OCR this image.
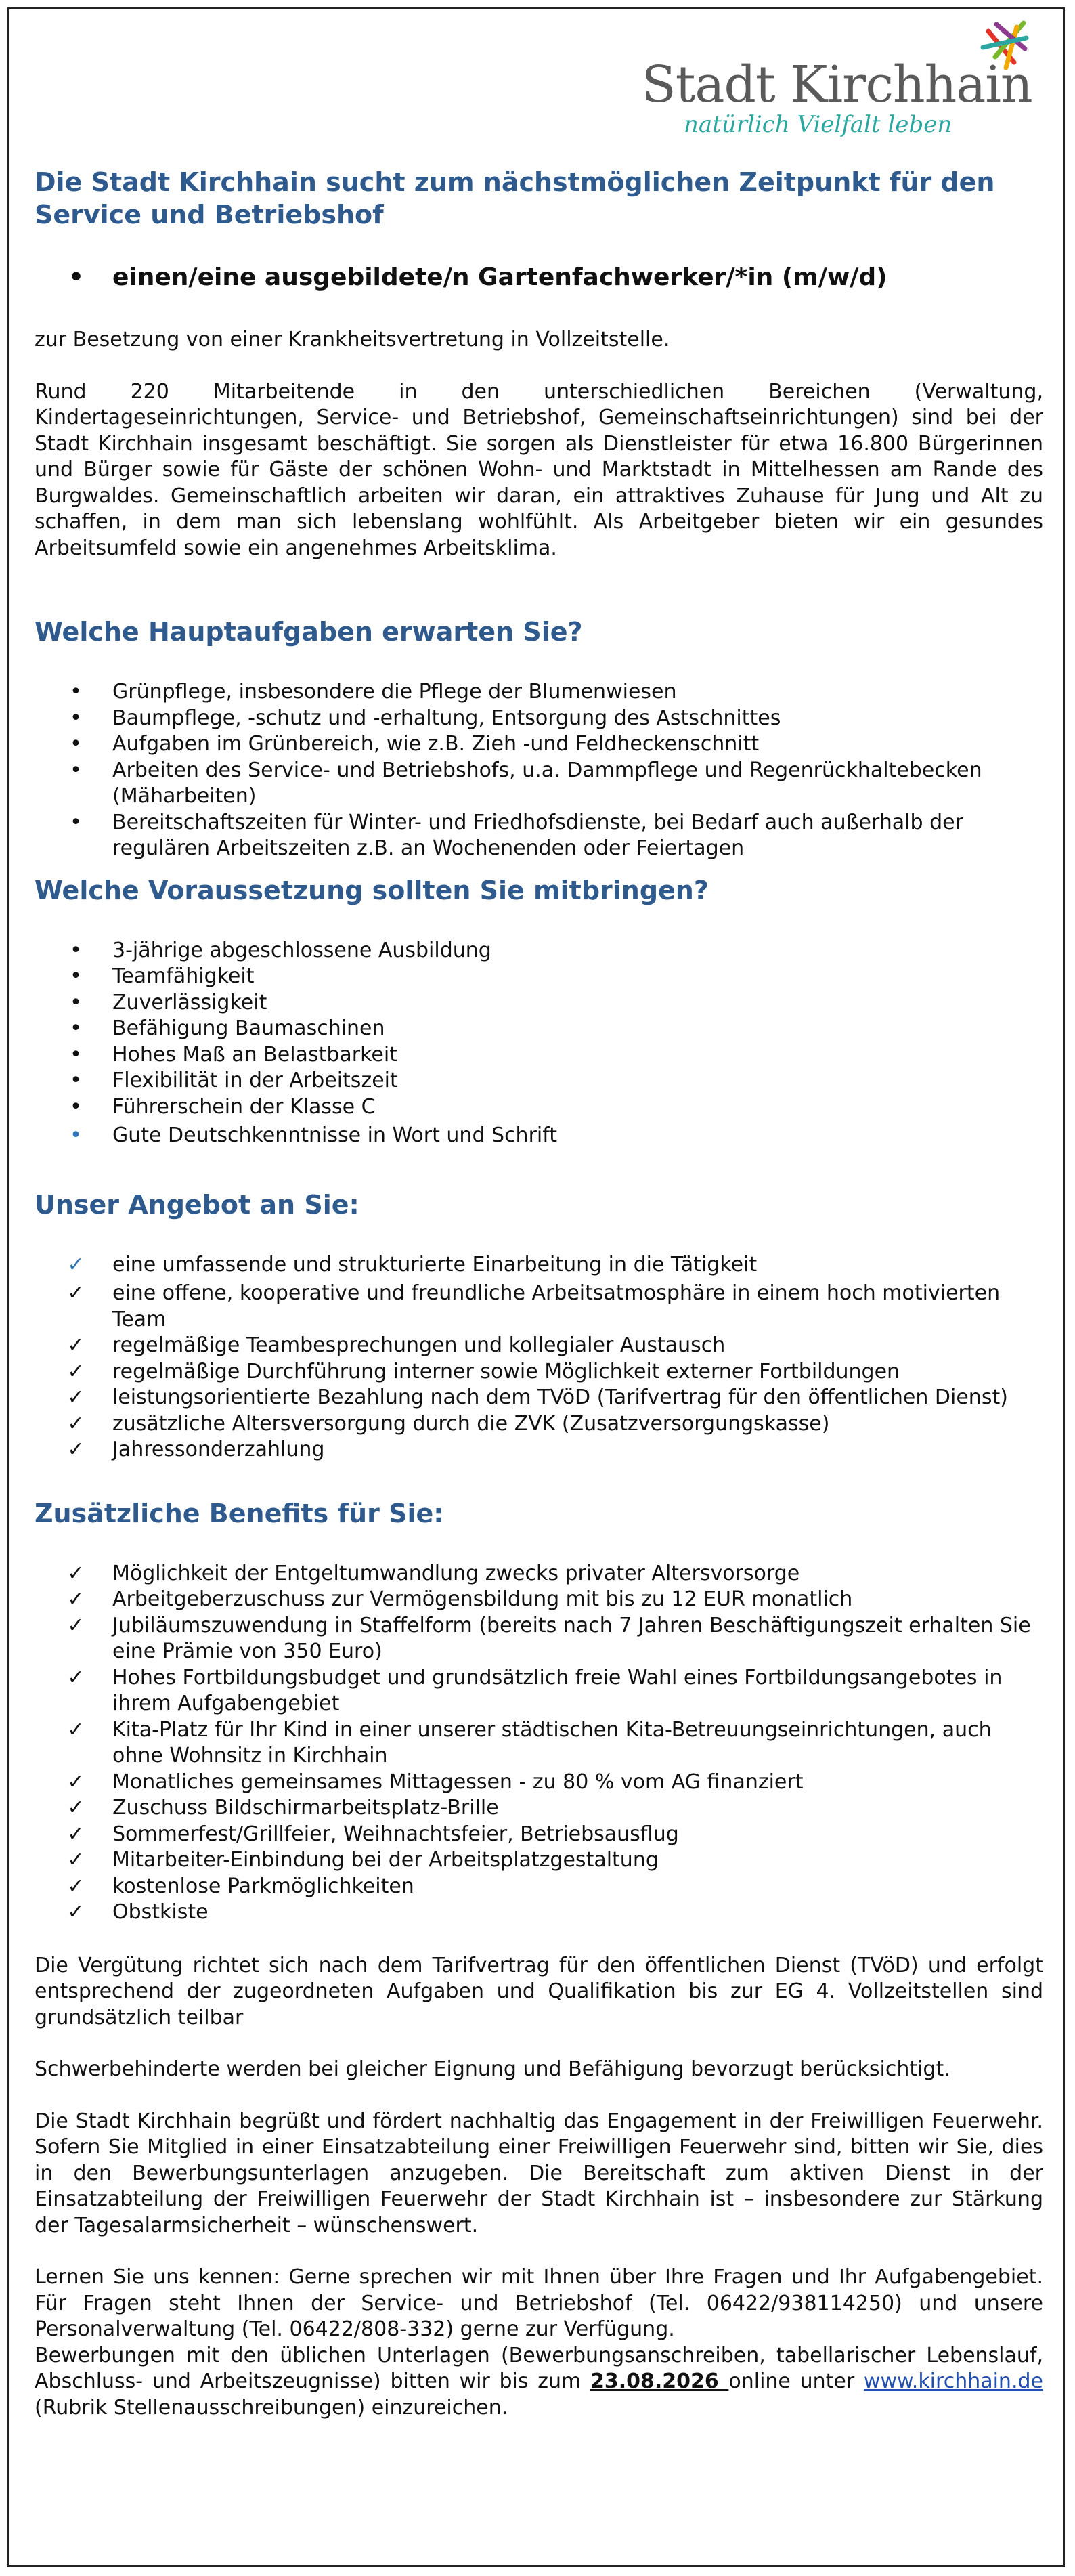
Stadt Kirchhain
natürlich Vielfalt leben
Die Stadt Kirchhain sucht zum nächstmöglichen Zeitpunkt für den Service und Betriebshof
• einen/eine ausgebildete/n Gartenfachwerker/*in (m/w/d)

zur Besetzung von einer Krankheitsvertretung in Vollzeitstelle.

Rund 220 Mitarbeitende in den unterschiedlichen Bereichen (Verwaltung, Kindertageseinrichtungen, Service- und Betriebshof, Gemeinschaftseinrichtungen) sind bei der Stadt Kirchhain insgesamt beschäftigt. Sie sorgen als Dienstleister für etwa 16.800 Bürgerinnen und Bürger sowie für Gäste der schönen Wohn- und Marktstadt in Mittelhessen am Rande des Burgwaldes. Gemeinschaftlich arbeiten wir daran, ein attraktives Zuhause für Jung und Alt zu schaffen, in dem man sich lebenslang wohlfühlt. Als Arbeitgeber bieten wir ein gesundes Arbeitsumfeld sowie ein angenehmes Arbeitsklima.

Welche Hauptaufgaben erwarten Sie?
• Grünpflege, insbesondere die Pflege der Blumenwiesen
• Baumpflege, -schutz und -erhaltung, Entsorgung des Astschnittes
• Aufgaben im Grünbereich, wie z.B. Zieh -und Feldheckenschnitt
• Arbeiten des Service- und Betriebshofs, u.a. Dammpflege und Regenrückhaltebecken (Mäharbeiten)
• Bereitschaftszeiten für Winter- und Friedhofsdienste, bei Bedarf auch außerhalb der regulären Arbeitszeiten z.B. an Wochenenden oder Feiertagen
Welche Voraussetzung sollten Sie mitbringen?
• 3-jährige abgeschlossene Ausbildung
• Teamfähigkeit
• Zuverlässigkeit
• Befähigung Baumaschinen
• Hohes Maß an Belastbarkeit
• Flexibilität in der Arbeitszeit
• Führerschein der Klasse C
• Gute Deutschkenntnisse in Wort und Schrift
Unser Angebot an Sie:
✓ eine umfassende und strukturierte Einarbeitung in die Tätigkeit
✓ eine offene, kooperative und freundliche Arbeitsatmosphäre in einem hoch motivierten Team
✓ regelmäßige Teambesprechungen und kollegialer Austausch
✓ regelmäßige Durchführung interner sowie Möglichkeit externer Fortbildungen
✓ leistungsorientierte Bezahlung nach dem TVöD (Tarifvertrag für den öffentlichen Dienst)
✓ zusätzliche Altersversorgung durch die ZVK (Zusatzversorgungskasse)
✓ Jahressonderzahlung
Zusätzliche Benefits für Sie:
✓ Möglichkeit der Entgeltumwandlung zwecks privater Altersvorsorge
✓ Arbeitgeberzuschuss zur Vermögensbildung mit bis zu 12 EUR monatlich
✓ Jubiläumszuwendung in Staffelform (bereits nach 7 Jahren Beschäftigungszeit erhalten Sie eine Prämie von 350 Euro)
✓ Hohes Fortbildungsbudget und grundsätzlich freie Wahl eines Fortbildungsangebotes in ihrem Aufgabengebiet
✓ Kita-Platz für Ihr Kind in einer unserer städtischen Kita-Betreuungseinrichtungen, auch ohne Wohnsitz in Kirchhain
✓ Monatliches gemeinsames Mittagessen - zu 80 % vom AG finanziert
✓ Zuschuss Bildschirmarbeitsplatz-Brille
✓ Sommerfest/Grillfeier, Weihnachtsfeier, Betriebsausflug
✓ Mitarbeiter-Einbindung bei der Arbeitsplatzgestaltung
✓ kostenlose Parkmöglichkeiten
✓ Obstkiste

Die Vergütung richtet sich nach dem Tarifvertrag für den öffentlichen Dienst (TVöD) und erfolgt entsprechend der zugeordneten Aufgaben und Qualifikation bis zur EG 4. Vollzeitstellen sind grundsätzlich teilbar

Schwerbehinderte werden bei gleicher Eignung und Befähigung bevorzugt berücksichtigt.

Die Stadt Kirchhain begrüßt und fördert nachhaltig das Engagement in der Freiwilligen Feuerwehr. Sofern Sie Mitglied in einer Einsatzabteilung einer Freiwilligen Feuerwehr sind, bitten wir Sie, dies in den Bewerbungsunterlagen anzugeben. Die Bereitschaft zum aktiven Dienst in der Einsatzabteilung der Freiwilligen Feuerwehr der Stadt Kirchhain ist – insbesondere zur Stärkung der Tagesalarmsicherheit – wünschenswert.

Lernen Sie uns kennen: Gerne sprechen wir mit Ihnen über Ihre Fragen und Ihr Aufgabengebiet. Für Fragen steht Ihnen der Service- und Betriebshof (Tel. 06422/938114250) und unsere Personalverwaltung (Tel. 06422/808-332) gerne zur Verfügung.

Bewerbungen mit den üblichen Unterlagen (Bewerbungsanschreiben, tabellarischer Lebenslauf, Abschluss- und Arbeitszeugnisse) bitten wir bis zum 23.08.2026 online unter www.kirchhain.de (Rubrik Stellenausschreibungen) einzureichen.
